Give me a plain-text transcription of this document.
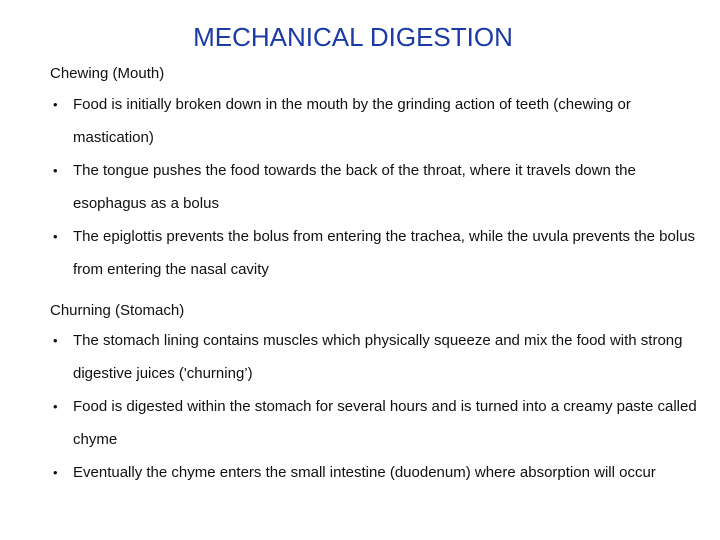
MECHANICAL DIGESTION
Chewing (Mouth)
• Food is initially broken down in the mouth by the grinding action of teeth (chewing or mastication)
• The tongue pushes the food towards the back of the throat, where it travels down the esophagus as a bolus
• The epiglottis prevents the bolus from entering the trachea, while the uvula prevents the bolus from entering the nasal cavity
Churning (Stomach)
• The stomach lining contains muscles which physically squeeze and mix the food with strong digestive juices ('churning’)
• Food is digested within the stomach for several hours and is turned into a creamy paste called chyme
• Eventually the chyme enters the small intestine (duodenum) where absorption will occur
